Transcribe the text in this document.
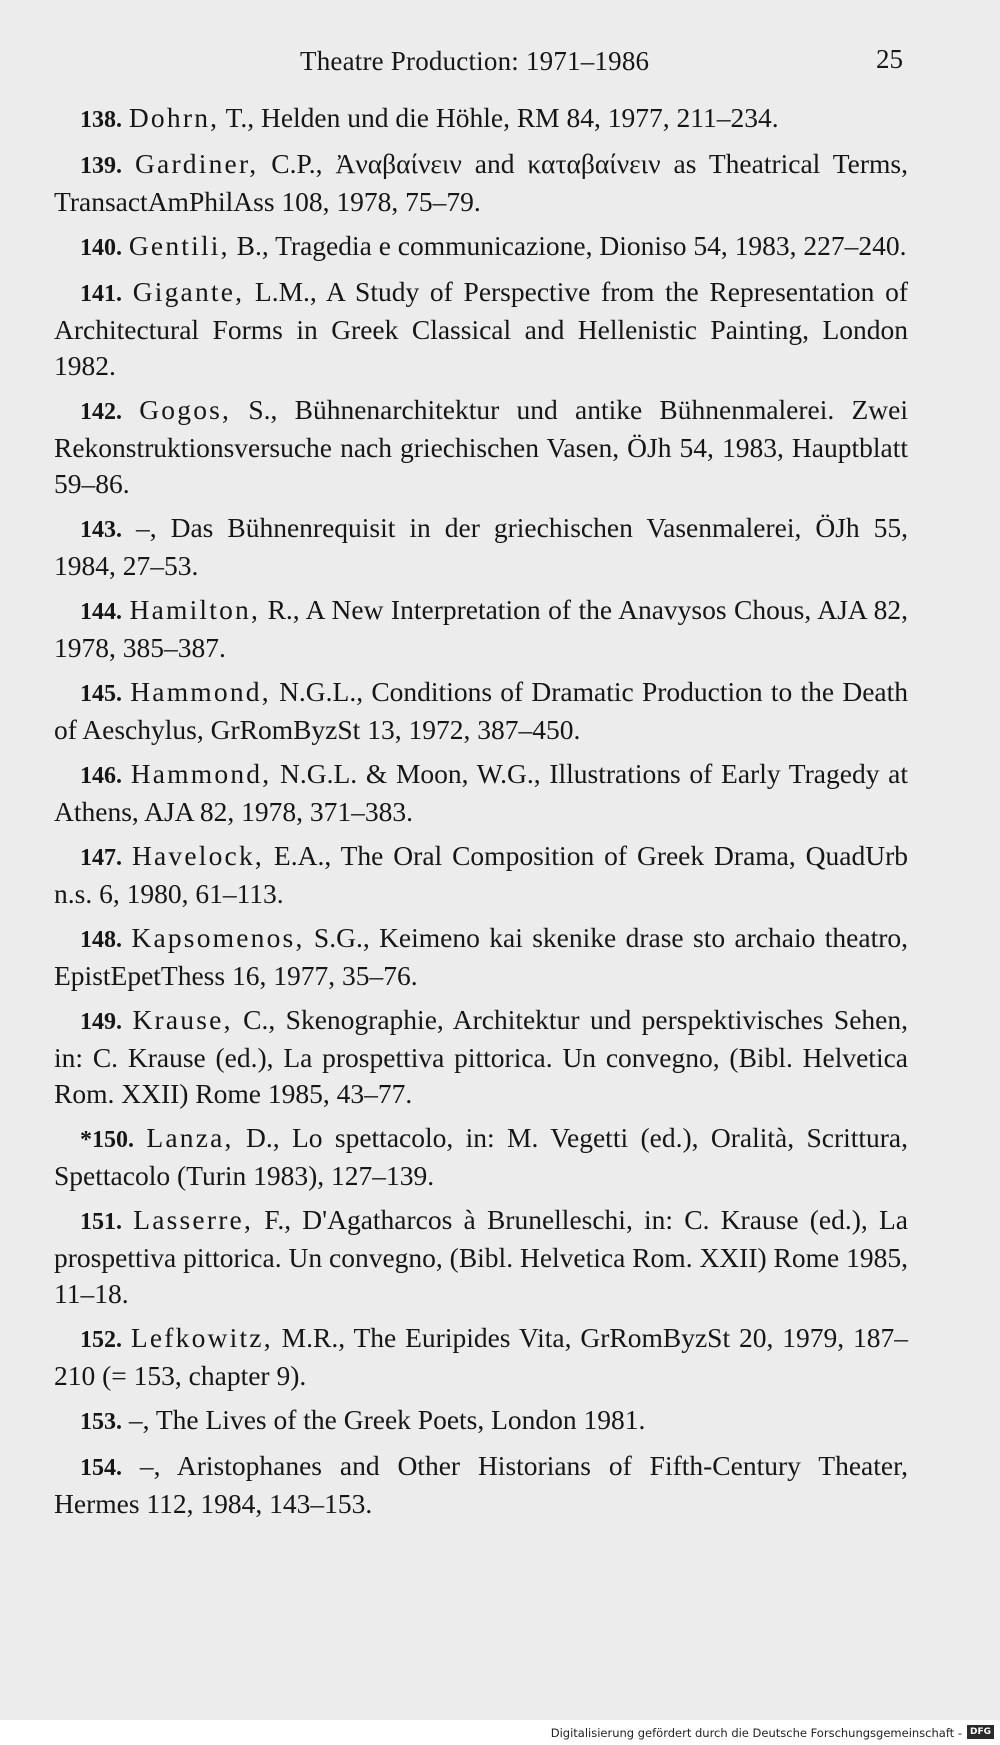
Theatre Production: 1971–1986	25

138. Dohrn, T., Helden und die Höhle, RM 84, 1977, 211–234.

139. Gardiner, C.P., Ἀναβαίνειν and καταβαίνειν as Theatrical Terms, TransactAmPhilAss 108, 1978, 75–79.

140. Gentili, B., Tragedia e communicazione, Dioniso 54, 1983, 227–240.

141. Gigante, L.M., A Study of Perspective from the Representation of Architectural Forms in Greek Classical and Hellenistic Painting, London 1982.

142. Gogos, S., Bühnenarchitektur und antike Bühnenmalerei. Zwei Rekonstruktionsversuche nach griechischen Vasen, ÖJh 54, 1983, Hauptblatt 59–86.

143. –, Das Bühnenrequisit in der griechischen Vasenmalerei, ÖJh 55, 1984, 27–53.

144. Hamilton, R., A New Interpretation of the Anavysos Chous, AJA 82, 1978, 385–387.

145. Hammond, N.G.L., Conditions of Dramatic Production to the Death of Aeschylus, GrRomByzSt 13, 1972, 387–450.

146. Hammond, N.G.L. & Moon, W.G., Illustrations of Early Tragedy at Athens, AJA 82, 1978, 371–383.

147. Havelock, E.A., The Oral Composition of Greek Drama, QuadUrb n.s. 6, 1980, 61–113.

148. Kapsomenos, S.G., Keimeno kai skenike drase sto archaio theatro, EpistEpetThess 16, 1977, 35–76.

149. Krause, C., Skenographie, Architektur und perspektivisches Sehen, in: C. Krause (ed.), La prospettiva pittorica. Un convegno, (Bibl. Helvetica Rom. XXII) Rome 1985, 43–77.

*150. Lanza, D., Lo spettacolo, in: M. Vegetti (ed.), Oralità, Scrittura, Spettacolo (Turin 1983), 127–139.

151. Lasserre, F., D'Agatharcos à Brunelleschi, in: C. Krause (ed.), La prospettiva pittorica. Un convegno, (Bibl. Helvetica Rom. XXII) Rome 1985, 11–18.

152. Lefkowitz, M.R., The Euripides Vita, GrRomByzSt 20, 1979, 187–210 (= 153, chapter 9).

153. –, The Lives of the Greek Poets, London 1981.

154. –, Aristophanes and Other Historians of Fifth-Century Theater, Hermes 112, 1984, 143–153.

Digitalisierung gefördert durch die Deutsche Forschungsgemeinschaft - DFG
